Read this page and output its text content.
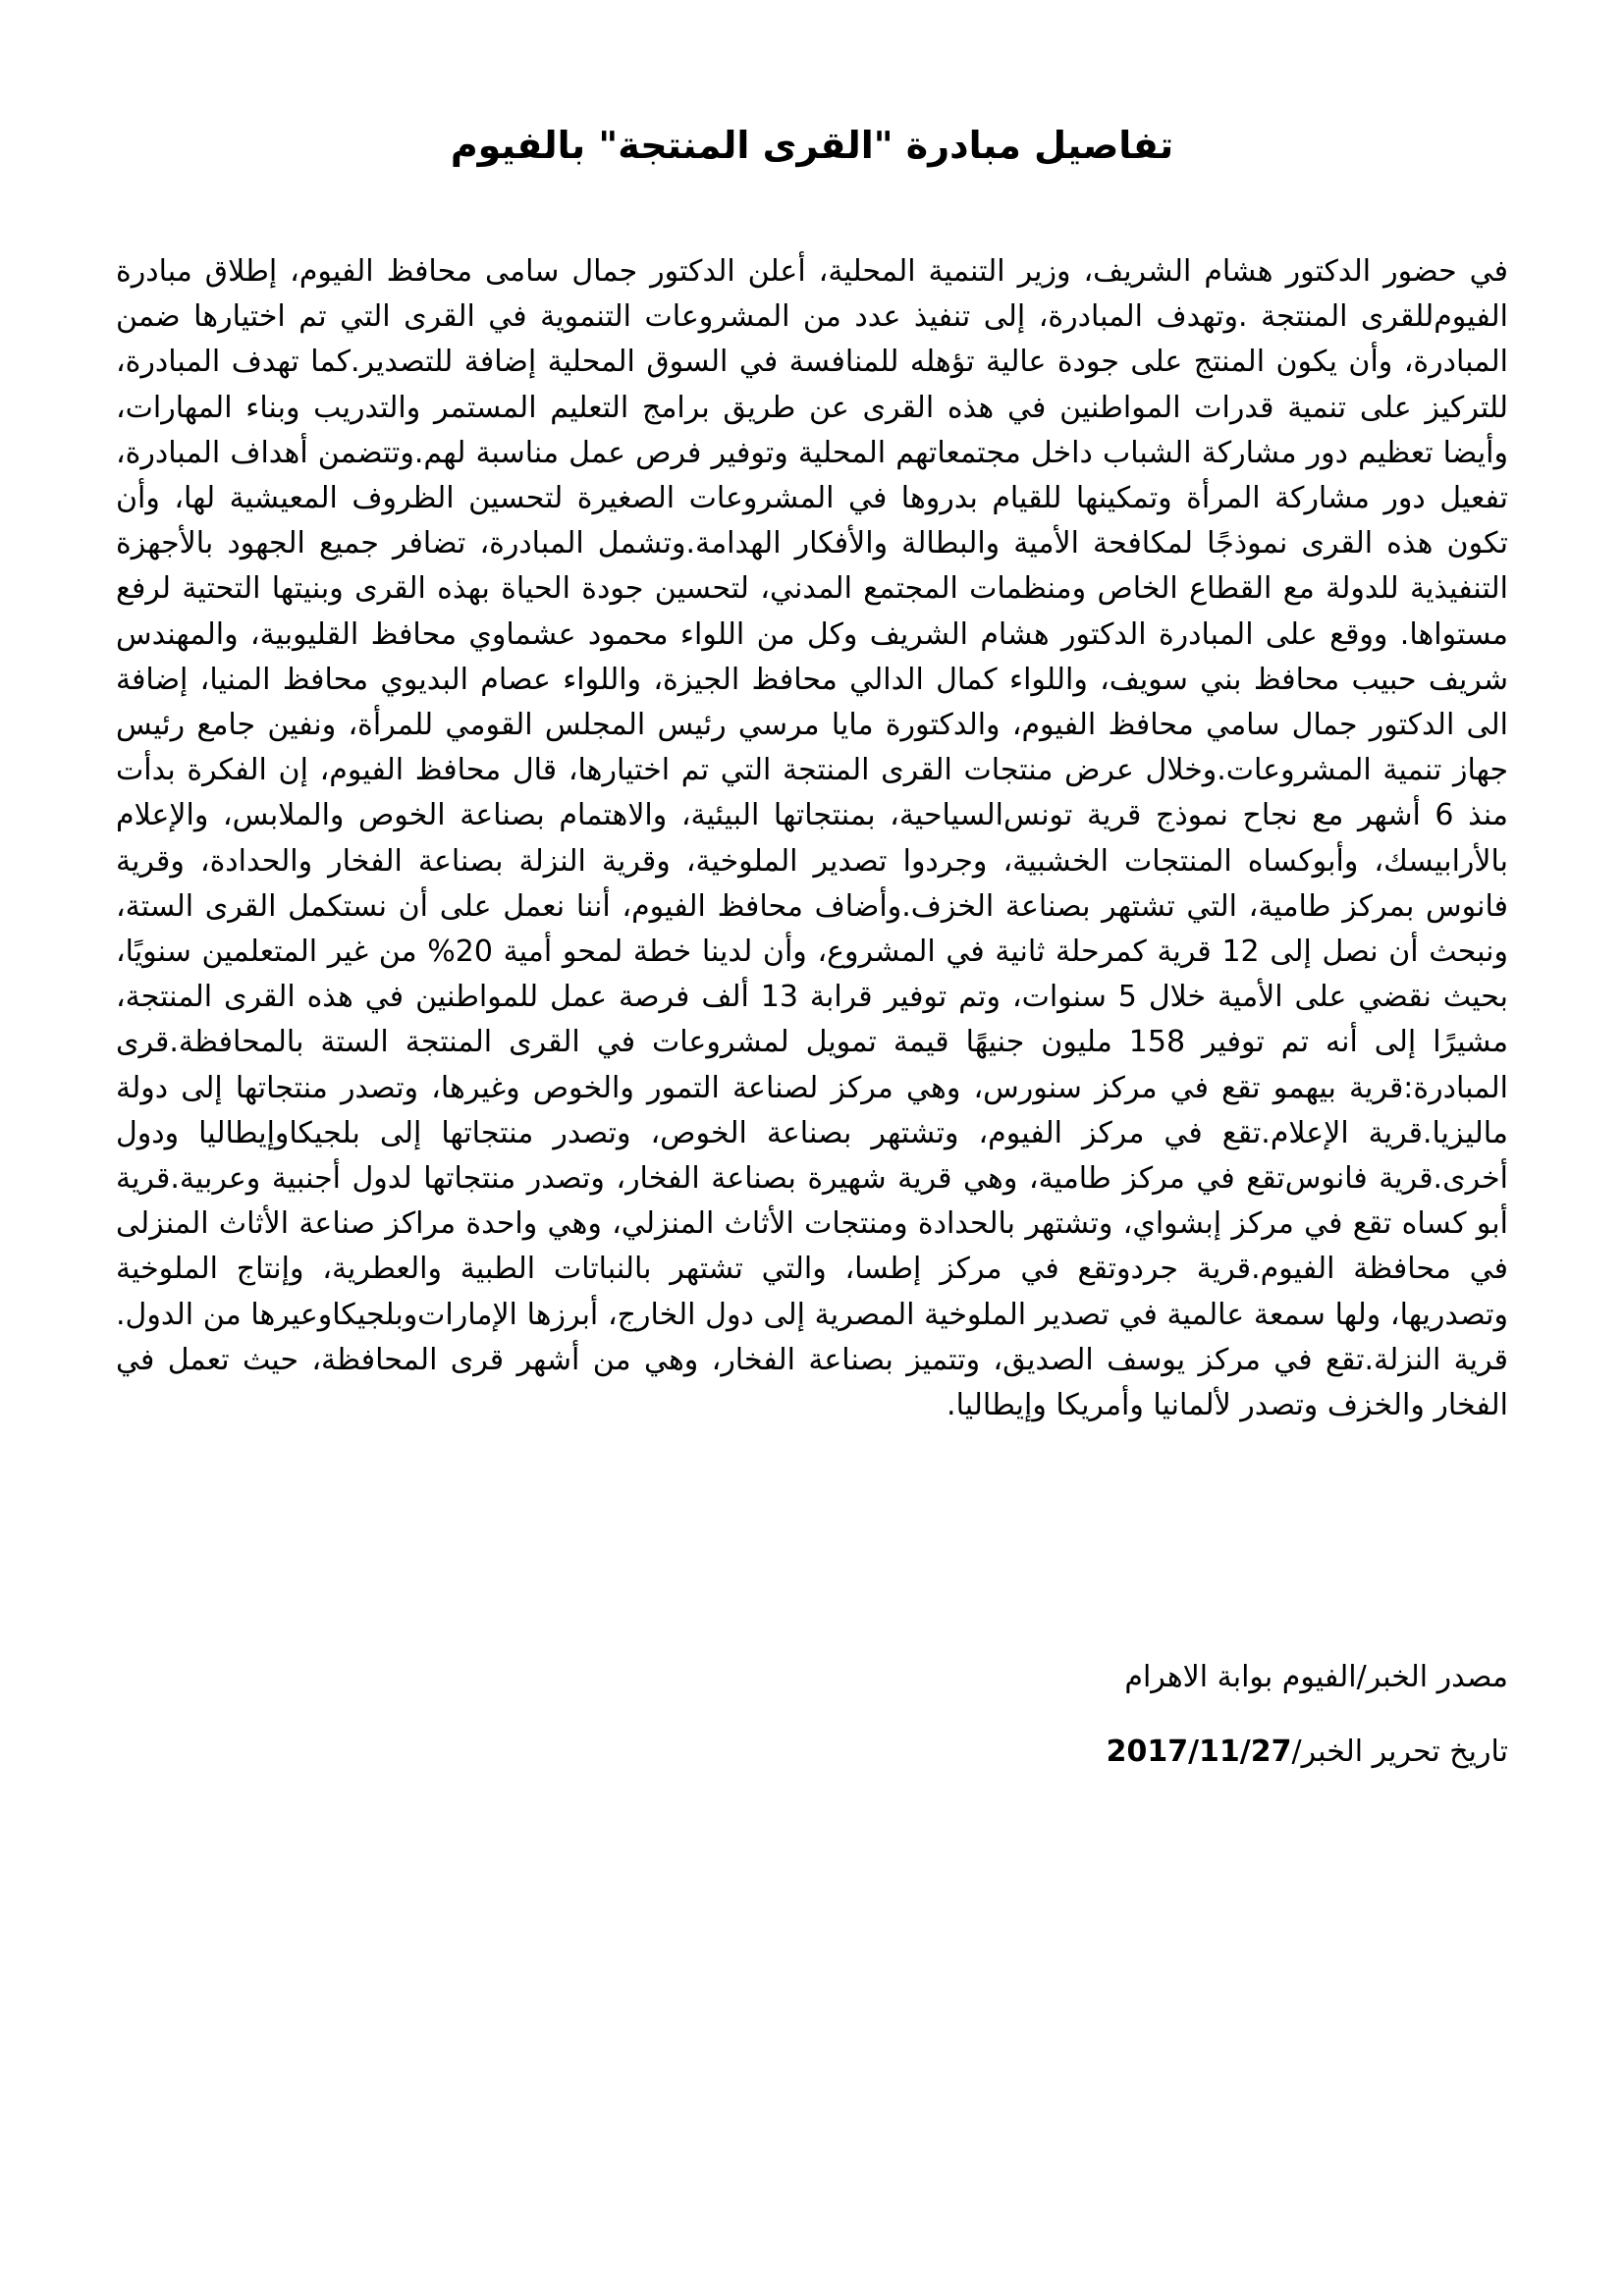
تفاصيل مبادرة "القرى المنتجة" بالفيوم

في حضور الدكتور هشام الشريف، وزير التنمية المحلية، أعلن الدكتور جمال سامى محافظ الفيوم، إطلاق مبادرة الفيوم‌للقرى المنتجة .وتهدف المبادرة، إلى تنفيذ عدد من المشروعات التنموية في القرى التي تم اختيارها ضمن المبادرة، وأن يكون المنتج على جودة عالية تؤهله للمنافسة في السوق المحلية إضافة للتصدير.كما تهدف المبادرة، للتركيز على تنمية قدرات المواطنين في هذه القرى عن طريق برامج التعليم المستمر والتدريب وبناء المهارات، وأيضا تعظيم دور مشاركة الشباب داخل مجتمعاتهم المحلية وتوفير فرص عمل مناسبة لهم.وتتضمن أهداف المبادرة، تفعيل دور مشاركة المرأة وتمكينها للقيام بدروها في المشروعات الصغيرة لتحسين الظروف المعيشية لها، وأن تكون هذه القرى نموذجًا لمكافحة الأمية والبطالة والأفكار الهدامة.وتشمل المبادرة، تضافر جميع الجهود بالأجهزة التنفيذية للدولة مع القطاع الخاص ومنظمات المجتمع المدني، لتحسين جودة الحياة بهذه القرى وبنيتها التحتية لرفع مستواها. ووقع على المبادرة الدكتور هشام الشريف وكل من اللواء محمود عشماوي محافظ القليوبية، والمهندس شريف حبيب محافظ بني سويف، واللواء كمال الدالي محافظ الجيزة، واللواء عصام البديوي محافظ المنيا، إضافة الى الدكتور جمال سامي محافظ الفيوم، والدكتورة مايا مرسي رئيس المجلس القومي للمرأة، ونفين جامع رئيس جهاز تنمية المشروعات.وخلال عرض منتجات القرى المنتجة التي تم اختيارها، قال محافظ الفيوم، إن الفكرة بدأت منذ 6 أشهر مع نجاح نموذج قرية تونس‌السياحية، بمنتجاتها البيئية، والاهتمام بصناعة الخوص والملابس، والإعلام بالأرابيسك، وأبوكساه المنتجات الخشبية، وجردوا تصدير الملوخية، وقرية النزلة بصناعة الفخار والحدادة، وقرية فانوس بمركز طامية، التي تشتهر بصناعة الخزف.وأضاف محافظ الفيوم، أننا نعمل على أن نستكمل القرى الستة، ونبحث أن نصل إلى 12 قرية كمرحلة ثانية في المشروع، وأن لدينا خطة لمحو أمية 20% من غير المتعلمين سنويًا، بحيث نقضي على الأمية خلال 5 سنوات، وتم توفير قرابة 13 ألف فرصة عمل للمواطنين في هذه القرى المنتجة، مشيرًا إلى أنه تم توفير 158 مليون جنيهًا قيمة تمويل لمشروعات في القرى المنتجة الستة بالمحافظة.قرى المبادرة:قرية بيهمو تقع في مركز سنورس، وهي مركز لصناعة التمور والخوص وغيرها، وتصدر منتجاتها إلى دولة ماليزيا.قرية الإعلام.تقع في مركز الفيوم، وتشتهر بصناعة الخوص، وتصدر منتجاتها إلى بلجيكاوإيطاليا ودول أخرى.قرية فانوس‌تقع في مركز طامية، وهي قرية شهيرة بصناعة الفخار، وتصدر منتجاتها لدول أجنبية وعربية.قرية أبو كساه تقع في مركز إبشواي، وتشتهر بالحدادة ومنتجات الأثاث المنزلي، وهي واحدة مراكز صناعة الأثاث المنزلى في محافظة الفيوم.قرية جردو‌تقع في مركز إطسا، والتي تشتهر بالنباتات الطبية والعطرية، وإنتاج الملوخية وتصدريها، ولها سمعة عالمية في تصدير الملوخية المصرية إلى دول الخارج، أبرزها الإمارات‌وبلجيكا‌وعيرها من الدول. قرية النزلة.تقع في مركز يوسف الصديق، وتتميز بصناعة الفخار، وهي من أشهر قرى المحافظة، حيث تعمل في الفخار والخزف وتصدر لألمانيا وأمريكا وإيطاليا.

مصدر الخبر/الفيوم بوابة الاهرام

تاريخ تحرير الخبر/2017/11/27
